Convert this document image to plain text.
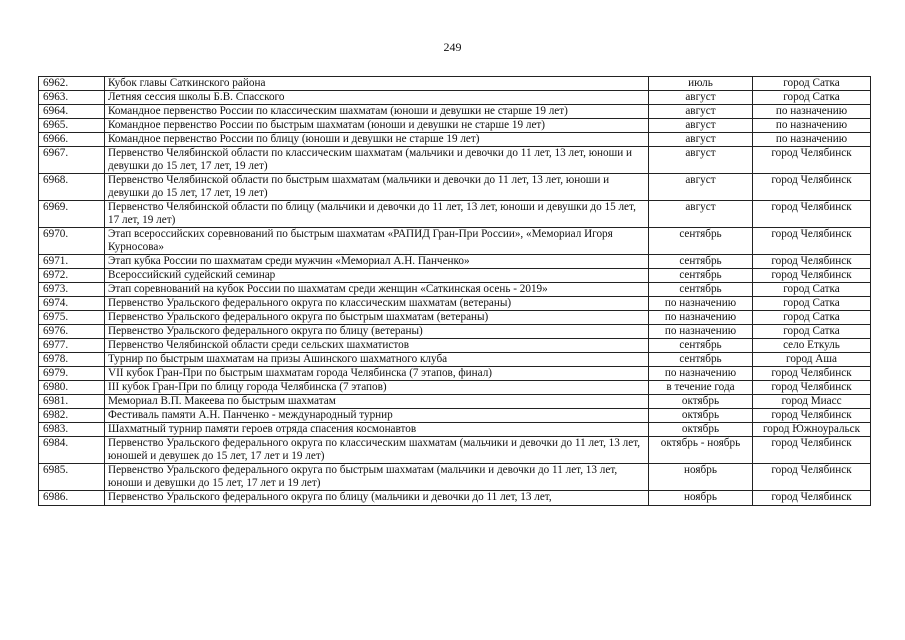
249
6962.	Кубок главы Саткинского района	июль	город Сатка
6963.	Летняя сессия школы Б.В. Спасского	август	город Сатка
6964.	Командное первенство России по классическим шахматам (юноши и девушки не старше 19 лет)	август	по назначению
6965.	Командное первенство России по быстрым шахматам (юноши и девушки не старше 19 лет)	август	по назначению
6966.	Командное первенство России по блицу (юноши и девушки не старше 19 лет)	август	по назначению
6967.	Первенство Челябинской области по классическим шахматам (мальчики и девочки до 11 лет, 13 лет, юноши и девушки до 15 лет, 17 лет, 19 лет)	август	город Челябинск
6968.	Первенство Челябинской области по быстрым шахматам (мальчики и девочки до 11 лет, 13 лет, юноши и девушки до 15 лет, 17 лет, 19 лет)	август	город Челябинск
6969.	Первенство Челябинской области по блицу (мальчики и девочки до 11 лет, 13 лет, юноши и девушки до 15 лет, 17 лет, 19 лет)	август	город Челябинск
6970.	Этап всероссийских соревнований по быстрым шахматам «РАПИД Гран-При России», «Мемориал Игоря Курносова»	сентябрь	город Челябинск
6971.	Этап кубка России по шахматам среди мужчин «Мемориал А.Н. Панченко»	сентябрь	город Челябинск
6972.	Всероссийский судейский семинар	сентябрь	город Челябинск
6973.	Этап соревнований на кубок России по шахматам среди женщин «Саткинская осень - 2019»	сентябрь	город Сатка
6974.	Первенство Уральского федерального округа по классическим шахматам (ветераны)	по назначению	город Сатка
6975.	Первенство Уральского федерального округа по быстрым шахматам (ветераны)	по назначению	город Сатка
6976.	Первенство Уральского федерального округа по блицу (ветераны)	по назначению	город Сатка
6977.	Первенство Челябинской области среди сельских шахматистов	сентябрь	село Еткуль
6978.	Турнир по быстрым шахматам на призы Ашинского шахматного клуба	сентябрь	город Аша
6979.	VII кубок Гран-При по быстрым шахматам города Челябинска (7 этапов, финал)	по назначению	город Челябинск
6980.	III кубок Гран-При по блицу города Челябинска (7 этапов)	в течение года	город Челябинск
6981.	Мемориал В.П. Макеева по быстрым шахматам	октябрь	город Миасс
6982.	Фестиваль памяти А.Н. Панченко - международный турнир	октябрь	город Челябинск
6983.	Шахматный турнир памяти героев отряда спасения космонавтов	октябрь	город Южноуральск
6984.	Первенство Уральского федерального округа по классическим шахматам (мальчики и девочки до 11 лет, 13 лет, юношей и девушек до 15 лет, 17 лет и 19 лет)	октябрь - ноябрь	город Челябинск
6985.	Первенство Уральского федерального округа по быстрым шахматам (мальчики и девочки до 11 лет, 13 лет, юноши и девушки до 15 лет, 17 лет и 19 лет)	ноябрь	город Челябинск
6986.	Первенство Уральского федерального округа по блицу (мальчики и девочки до 11 лет, 13 лет,	ноябрь	город Челябинск
